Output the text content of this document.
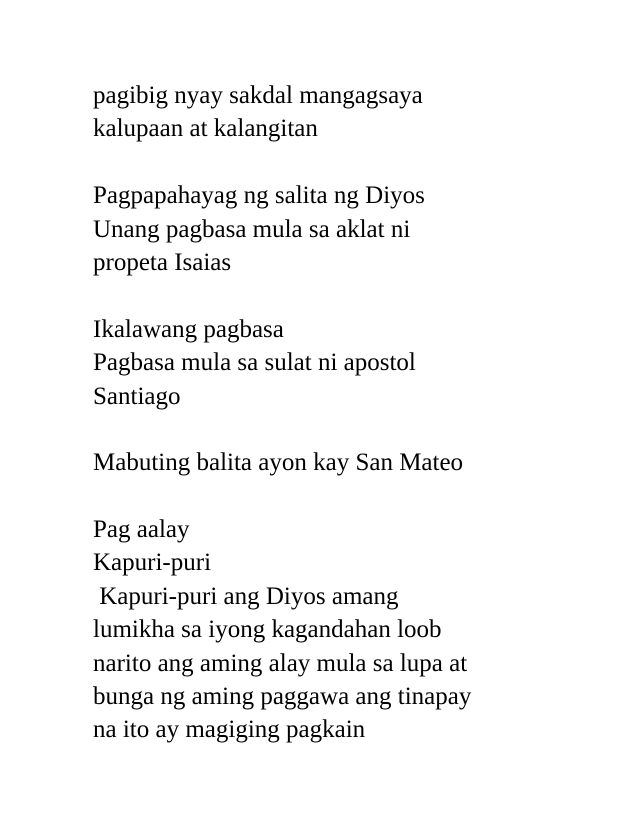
pagibig nyay sakdal mangagsaya
kalupaan at kalangitan
Pagpapahayag ng salita ng Diyos
Unang pagbasa mula sa aklat ni
propeta Isaias
Ikalawang pagbasa
Pagbasa mula sa sulat ni apostol
Santiago
Mabuting balita ayon kay San Mateo
Pag aalay
Kapuri-puri
Kapuri-puri ang Diyos amang
lumikha sa iyong kagandahan loob
narito ang aming alay mula sa lupa at
bunga ng aming paggawa ang tinapay
na ito ay magiging pagkain
